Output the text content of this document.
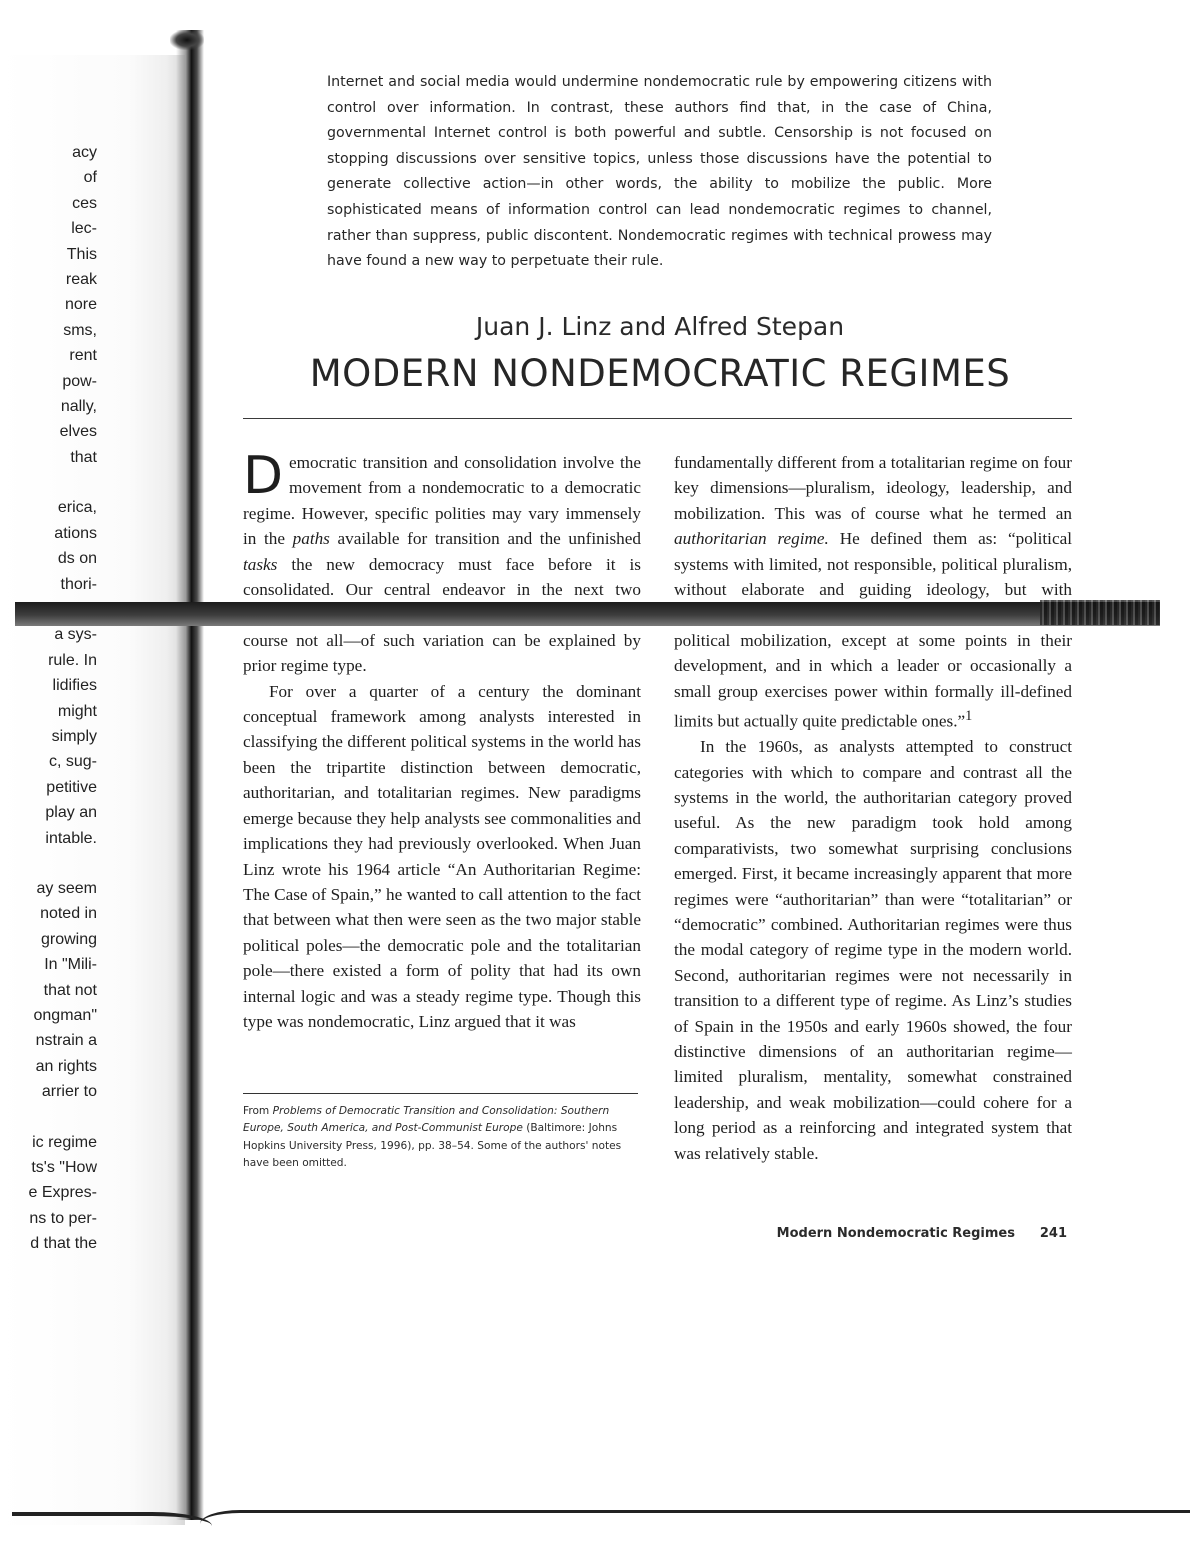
acy
of
ces
lec-
This
reak
nore
sms,
rent
pow-
nally,
elves
that
erica,
ations
ds on
thori-
a sys-
rule. In
lidifies
might
simply
c, sug-
petitive
play an
intable.
ay seem
noted in
growing
In "Mili-
that not
ongman"
nstrain a
an rights
arrier to
ic regime
ts's "How
e Expres-
ns to per-
d that the
Internet and social media would undermine nondemocratic rule by empowering citizens with control over information. In contrast, these authors find that, in the case of China, governmental Internet control is both powerful and subtle. Censorship is not focused on stopping discussions over sensitive topics, unless those discussions have the potential to generate collective action—in other words, the ability to mobilize the public. More sophisticated means of information control can lead nondemocratic regimes to channel, rather than suppress, public discontent. Nondemocratic regimes with technical prowess may have found a new way to perpetuate their rule.
Juan J. Linz and Alfred Stepan
MODERN NONDEMOCRATIC REGIMES

Democratic transition and consolidation involve the movement from a nondemocratic to a democratic regime. However, specific polities may vary immensely in the paths available for transition and the unfinished tasks the new democracy must face before it is consolidated. Our central endeavor in the next two course not all—of such variation can be explained by prior regime type.

For over a quarter of a century the dominant conceptual framework among analysts interested in classifying the different political systems in the world has been the tripartite distinction between democratic, authoritarian, and totalitarian regimes. New paradigms emerge because they help analysts see commonalities and implications they had previously overlooked. When Juan Linz wrote his 1964 article “An Authoritarian Regime: The Case of Spain,” he wanted to call attention to the fact that between what then were seen as the two major stable political poles—the democratic pole and the totalitarian pole—there existed a form of polity that had its own internal logic and was a steady regime type. Though this type was nondemocratic, Linz argued that it was

fundamentally different from a totalitarian regime on four key dimensions—pluralism, ideology, leadership, and mobilization. This was of course what he termed an authoritarian regime. He defined them as: “political systems with limited, not responsible, political pluralism, without elaborate and guiding ideology, but with political mobilization, except at some points in their development, and in which a leader or occasionally a small group exercises power within formally ill-defined limits but actually quite predictable ones.”$^1$

In the 1960s, as analysts attempted to construct categories with which to compare and contrast all the systems in the world, the authoritarian category proved useful. As the new paradigm took hold among comparativists, two somewhat surprising conclusions emerged. First, it became increasingly apparent that more regimes were “authoritarian” than were “totalitarian” or “democratic” combined. Authoritarian regimes were thus the modal category of regime type in the modern world. Second, authoritarian regimes were not necessarily in transition to a different type of regime. As Linz’s studies of Spain in the 1950s and early 1960s showed, the four distinctive dimensions of an authoritarian regime—limited pluralism, mentality, somewhat constrained leadership, and weak mobilization—could cohere for a long period as a reinforcing and integrated system that was relatively stable.

From Problems of Democratic Transition and Consolidation: Southern Europe, South America, and Post-Communist Europe (Baltimore: Johns Hopkins University Press, 1996), pp. 38–54. Some of the authors' notes have been omitted.
Modern Nondemocratic Regimes 241
